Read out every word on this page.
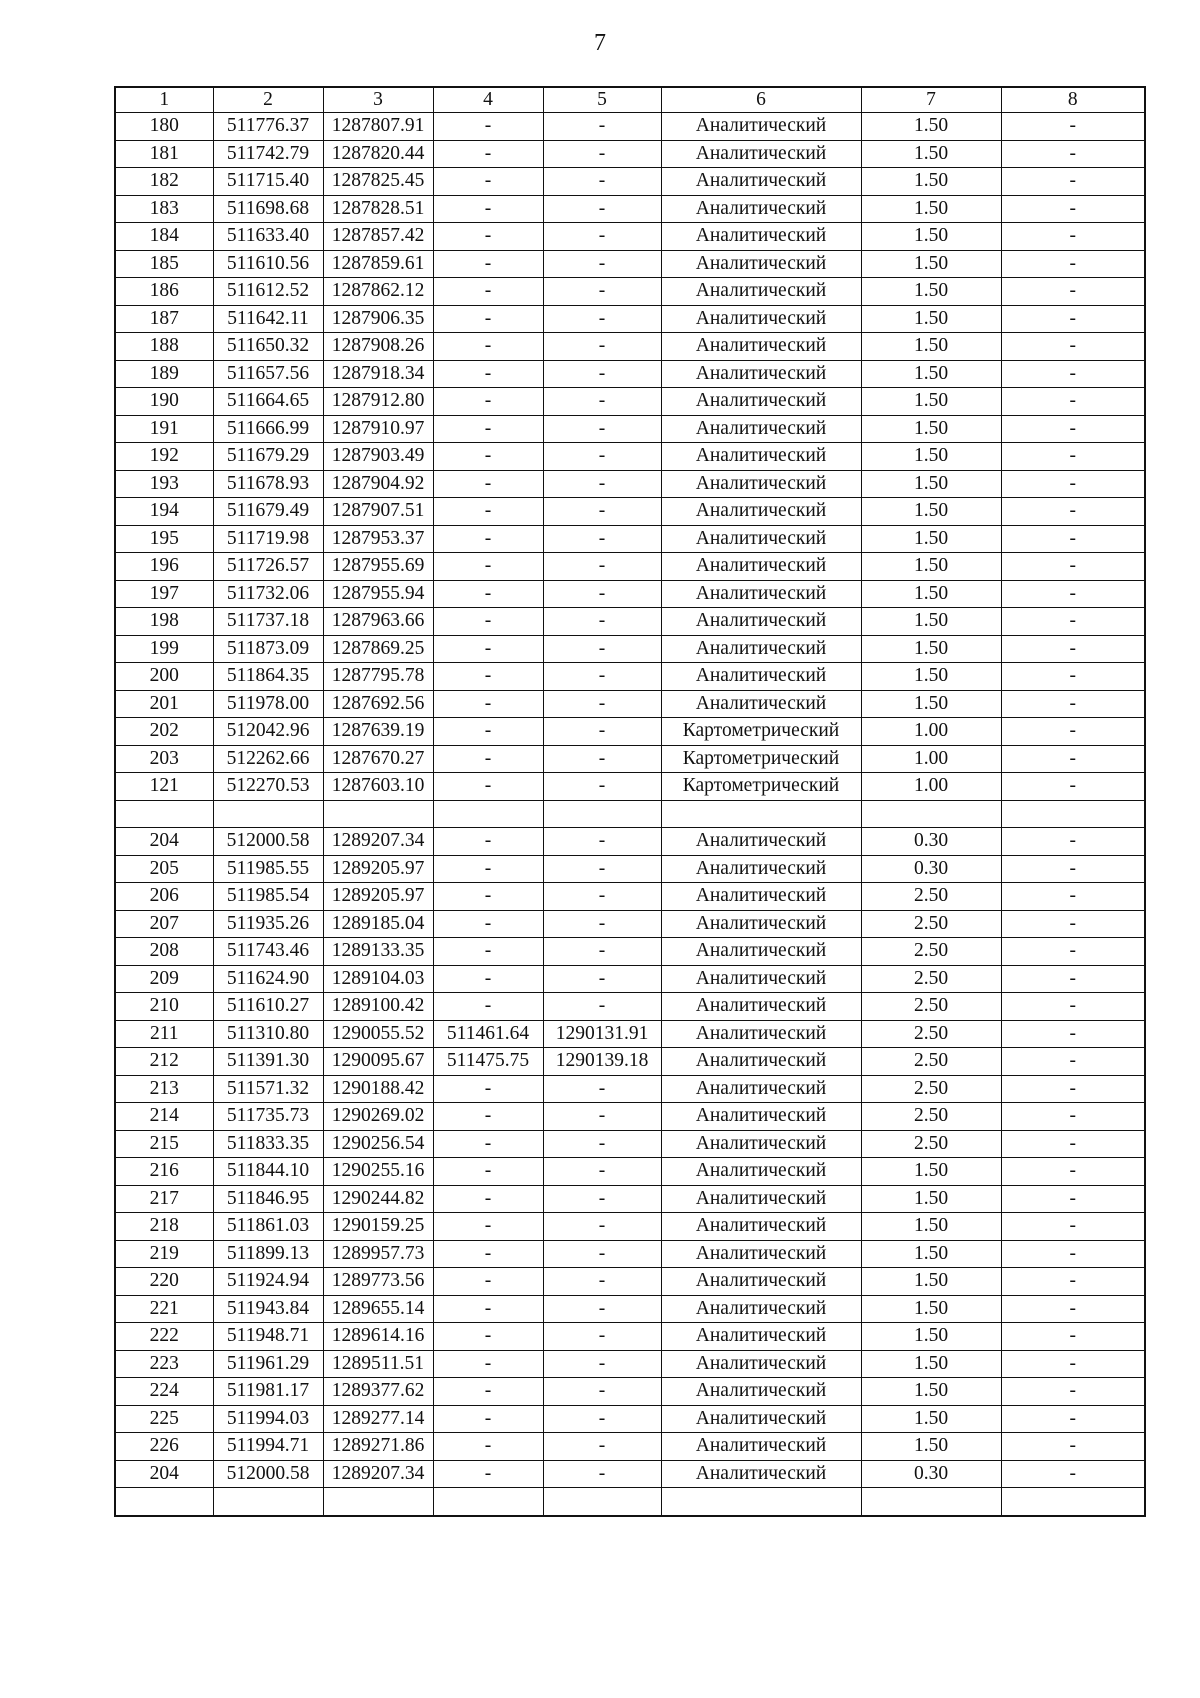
7
1	2	3	4	5	6	7	8
180	511776.37	1287807.91	-	-	Аналитический	1.50	-
181	511742.79	1287820.44	-	-	Аналитический	1.50	-
182	511715.40	1287825.45	-	-	Аналитический	1.50	-
183	511698.68	1287828.51	-	-	Аналитический	1.50	-
184	511633.40	1287857.42	-	-	Аналитический	1.50	-
185	511610.56	1287859.61	-	-	Аналитический	1.50	-
186	511612.52	1287862.12	-	-	Аналитический	1.50	-
187	511642.11	1287906.35	-	-	Аналитический	1.50	-
188	511650.32	1287908.26	-	-	Аналитический	1.50	-
189	511657.56	1287918.34	-	-	Аналитический	1.50	-
190	511664.65	1287912.80	-	-	Аналитический	1.50	-
191	511666.99	1287910.97	-	-	Аналитический	1.50	-
192	511679.29	1287903.49	-	-	Аналитический	1.50	-
193	511678.93	1287904.92	-	-	Аналитический	1.50	-
194	511679.49	1287907.51	-	-	Аналитический	1.50	-
195	511719.98	1287953.37	-	-	Аналитический	1.50	-
196	511726.57	1287955.69	-	-	Аналитический	1.50	-
197	511732.06	1287955.94	-	-	Аналитический	1.50	-
198	511737.18	1287963.66	-	-	Аналитический	1.50	-
199	511873.09	1287869.25	-	-	Аналитический	1.50	-
200	511864.35	1287795.78	-	-	Аналитический	1.50	-
201	511978.00	1287692.56	-	-	Аналитический	1.50	-
202	512042.96	1287639.19	-	-	Картометрический	1.00	-
203	512262.66	1287670.27	-	-	Картометрический	1.00	-
121	512270.53	1287603.10	-	-	Картометрический	1.00	-

204	512000.58	1289207.34	-	-	Аналитический	0.30	-
205	511985.55	1289205.97	-	-	Аналитический	0.30	-
206	511985.54	1289205.97	-	-	Аналитический	2.50	-
207	511935.26	1289185.04	-	-	Аналитический	2.50	-
208	511743.46	1289133.35	-	-	Аналитический	2.50	-
209	511624.90	1289104.03	-	-	Аналитический	2.50	-
210	511610.27	1289100.42	-	-	Аналитический	2.50	-
211	511310.80	1290055.52	511461.64	1290131.91	Аналитический	2.50	-
212	511391.30	1290095.67	511475.75	1290139.18	Аналитический	2.50	-
213	511571.32	1290188.42	-	-	Аналитический	2.50	-
214	511735.73	1290269.02	-	-	Аналитический	2.50	-
215	511833.35	1290256.54	-	-	Аналитический	2.50	-
216	511844.10	1290255.16	-	-	Аналитический	1.50	-
217	511846.95	1290244.82	-	-	Аналитический	1.50	-
218	511861.03	1290159.25	-	-	Аналитический	1.50	-
219	511899.13	1289957.73	-	-	Аналитический	1.50	-
220	511924.94	1289773.56	-	-	Аналитический	1.50	-
221	511943.84	1289655.14	-	-	Аналитический	1.50	-
222	511948.71	1289614.16	-	-	Аналитический	1.50	-
223	511961.29	1289511.51	-	-	Аналитический	1.50	-
224	511981.17	1289377.62	-	-	Аналитический	1.50	-
225	511994.03	1289277.14	-	-	Аналитический	1.50	-
226	511994.71	1289271.86	-	-	Аналитический	1.50	-
204	512000.58	1289207.34	-	-	Аналитический	0.30	-
